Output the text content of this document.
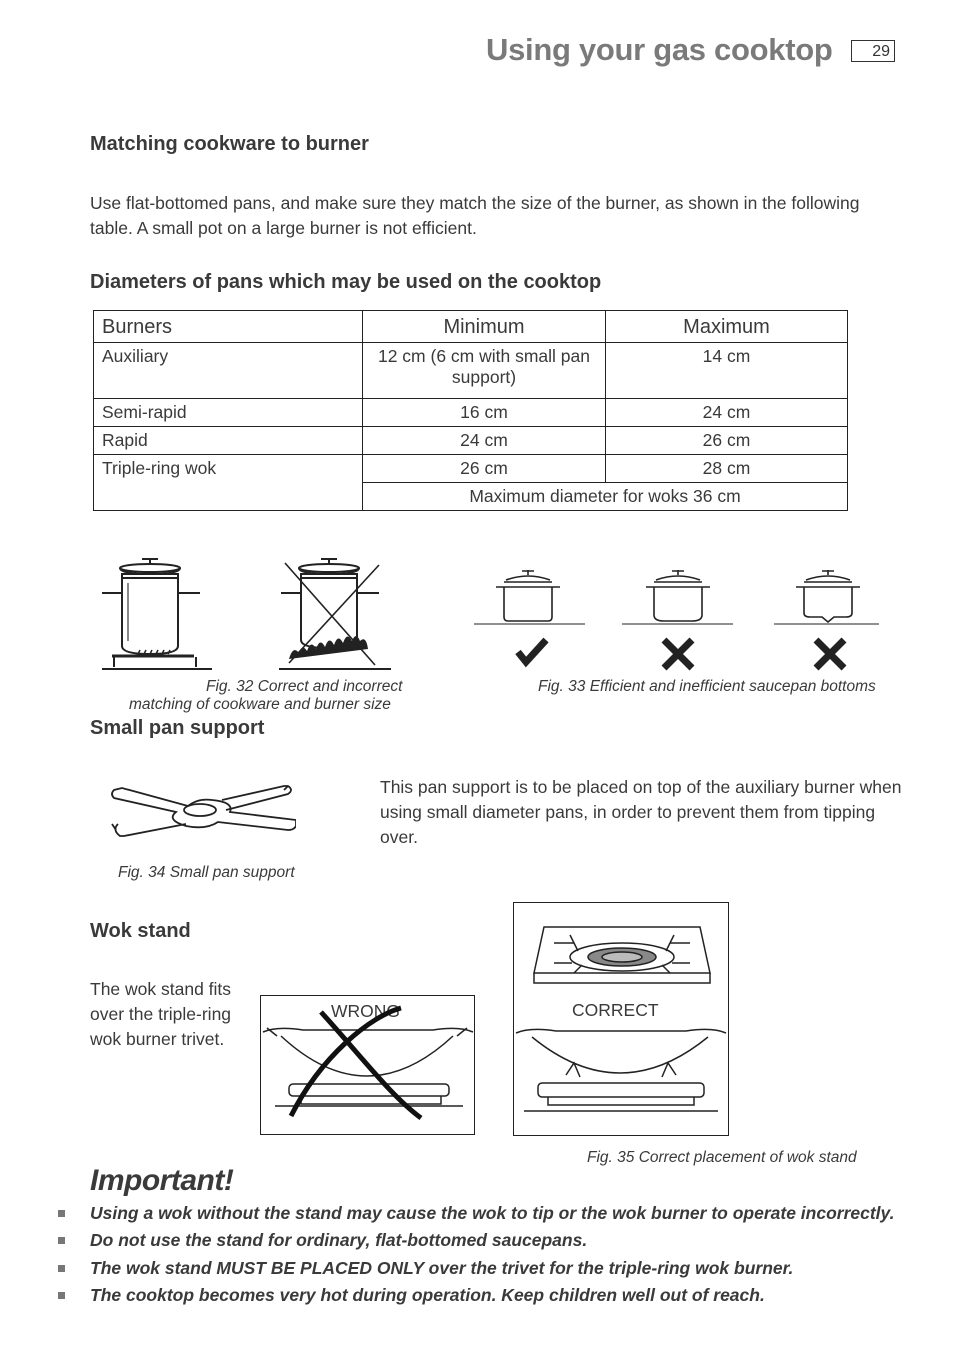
Using your gas cooktop	29
Matching cookware to burner
Use flat-bottomed pans, and make sure they match the size of the burner, as shown in the following table. A small pot on a large burner is not efficient.
Diameters of pans which may be used on the cooktop
Burners	Minimum	Maximum
Auxiliary	12 cm (6 cm with small pan support)	14 cm
Semi-rapid	16 cm	24 cm
Rapid	24 cm	26 cm
Triple-ring wok	26 cm	28 cm
	Maximum diameter for woks 36 cm	
Fig. 32 Correct and incorrect
matching of cookware and burner size
Fig. 33 Efficient and inefficient saucepan bottoms
Small pan support
Fig. 34 Small pan support
This pan support is to be placed on top of the auxiliary burner when using small diameter pans, in order to prevent them from tipping over.
Wok stand
The wok stand fits over the triple-ring wok burner trivet.
WRONG	CORRECT
Fig. 35 Correct placement of wok stand
Important!
Using a wok without the stand may cause the wok to tip or the wok burner to operate incorrectly.
Do not use the stand for ordinary, flat-bottomed saucepans.
The wok stand MUST BE PLACED ONLY over the trivet for the triple-ring wok burner.
The cooktop becomes very hot during operation. Keep children well out of reach.
